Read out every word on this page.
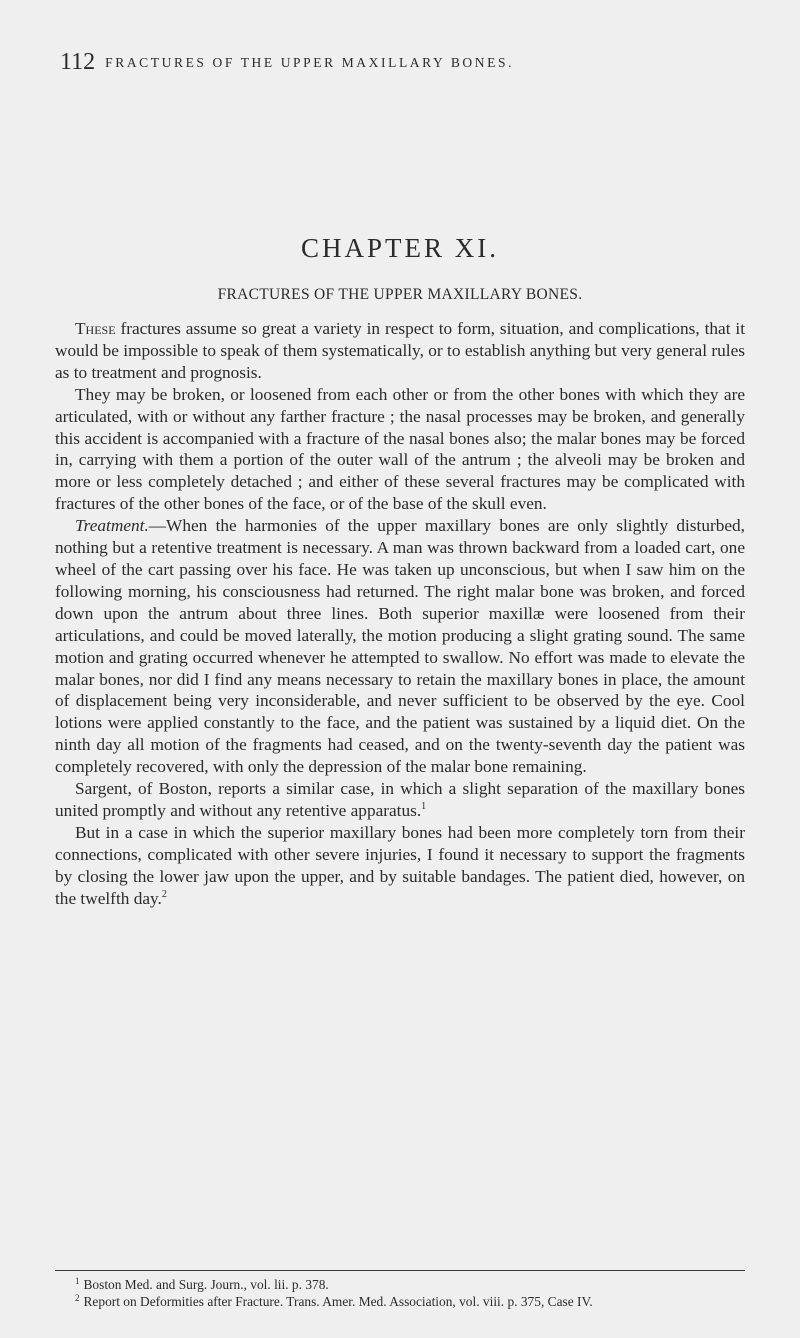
112 FRACTURES OF THE UPPER MAXILLARY BONES.
CHAPTER XI.
FRACTURES OF THE UPPER MAXILLARY BONES.

These fractures assume so great a variety in respect to form, situation, and complications, that it would be impossible to speak of them systematically, or to establish anything but very general rules as to treatment and prognosis.

They may be broken, or loosened from each other or from the other bones with which they are articulated, with or without any farther fracture ; the nasal processes may be broken, and generally this accident is accompanied with a fracture of the nasal bones also; the malar bones may be forced in, carrying with them a portion of the outer wall of the antrum ; the alveoli may be broken and more or less completely detached ; and either of these several fractures may be complicated with fractures of the other bones of the face, or of the base of the skull even.

Treatment.—When the harmonies of the upper maxillary bones are only slightly disturbed, nothing but a retentive treatment is necessary. A man was thrown backward from a loaded cart, one wheel of the cart passing over his face. He was taken up unconscious, but when I saw him on the following morning, his consciousness had returned. The right malar bone was broken, and forced down upon the antrum about three lines. Both superior maxillæ were loosened from their articulations, and could be moved laterally, the motion producing a slight grating sound. The same motion and grating occurred whenever he attempted to swallow. No effort was made to elevate the malar bones, nor did I find any means necessary to retain the maxillary bones in place, the amount of displacement being very inconsiderable, and never sufficient to be observed by the eye. Cool lotions were applied constantly to the face, and the patient was sustained by a liquid diet. On the ninth day all motion of the fragments had ceased, and on the twenty-seventh day the patient was completely recovered, with only the depression of the malar bone remaining.

Sargent, of Boston, reports a similar case, in which a slight separation of the maxillary bones united promptly and without any retentive apparatus.$^1$

But in a case in which the superior maxillary bones had been more completely torn from their connections, complicated with other severe injuries, I found it necessary to support the fragments by closing the lower jaw upon the upper, and by suitable bandages. The patient died, however, on the twelfth day.$^2$

$^1$ Boston Med. and Surg. Journ., vol. lii. p. 378.

$^2$ Report on Deformities after Fracture. Trans. Amer. Med. Association, vol. viii. p. 375, Case IV.
